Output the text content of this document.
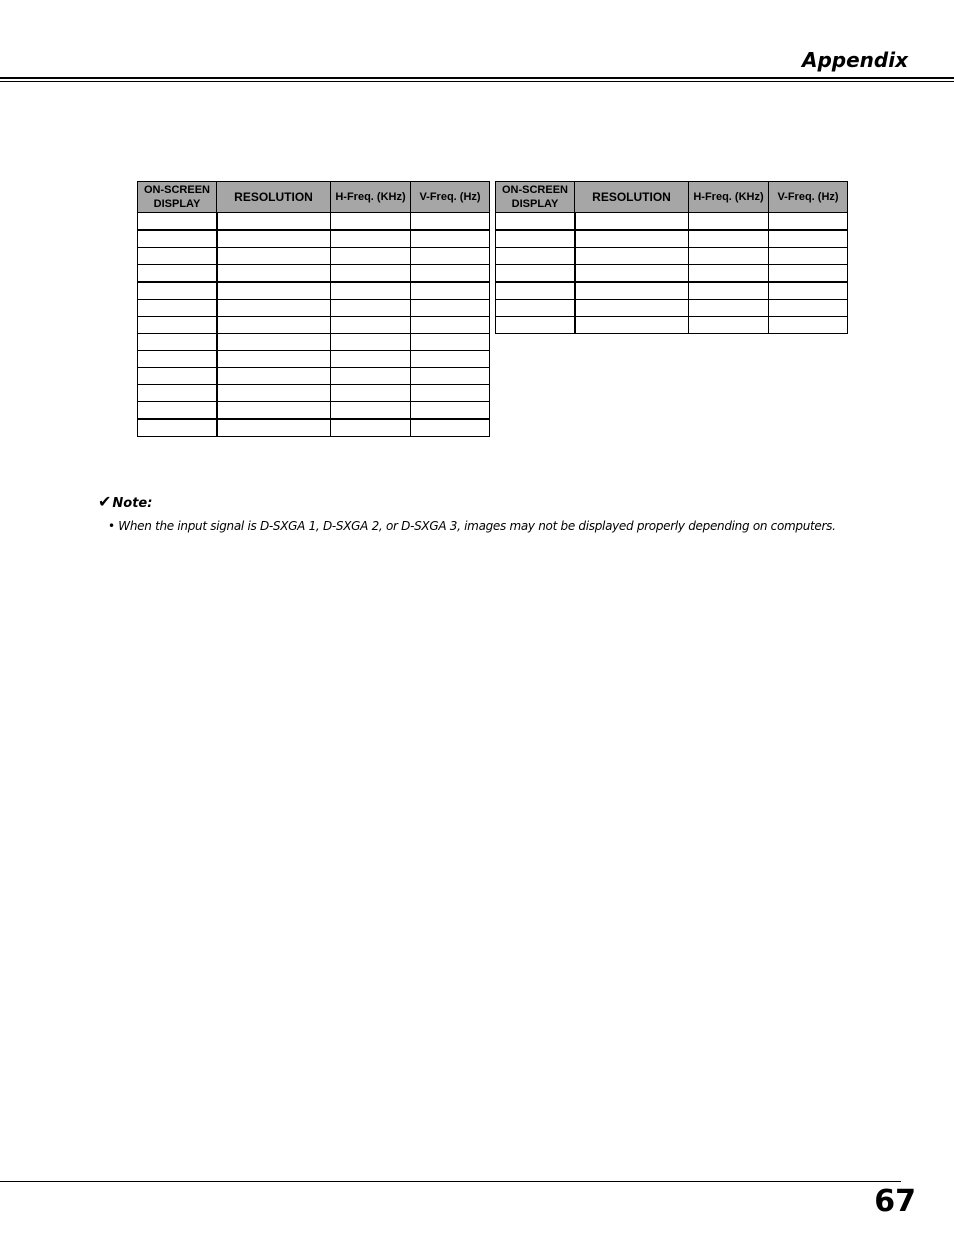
Appendix
ON-SCREEN DISPLAY	RESOLUTION	H-Freq. (KHz)	V-Freq. (Hz)

ON-SCREEN DISPLAY	RESOLUTION	H-Freq. (KHz)	V-Freq. (Hz)

✔Note:

• When the input signal is D-SXGA 1, D-SXGA 2, or D-SXGA 3, images may not be displayed properly depending on computers.

67
